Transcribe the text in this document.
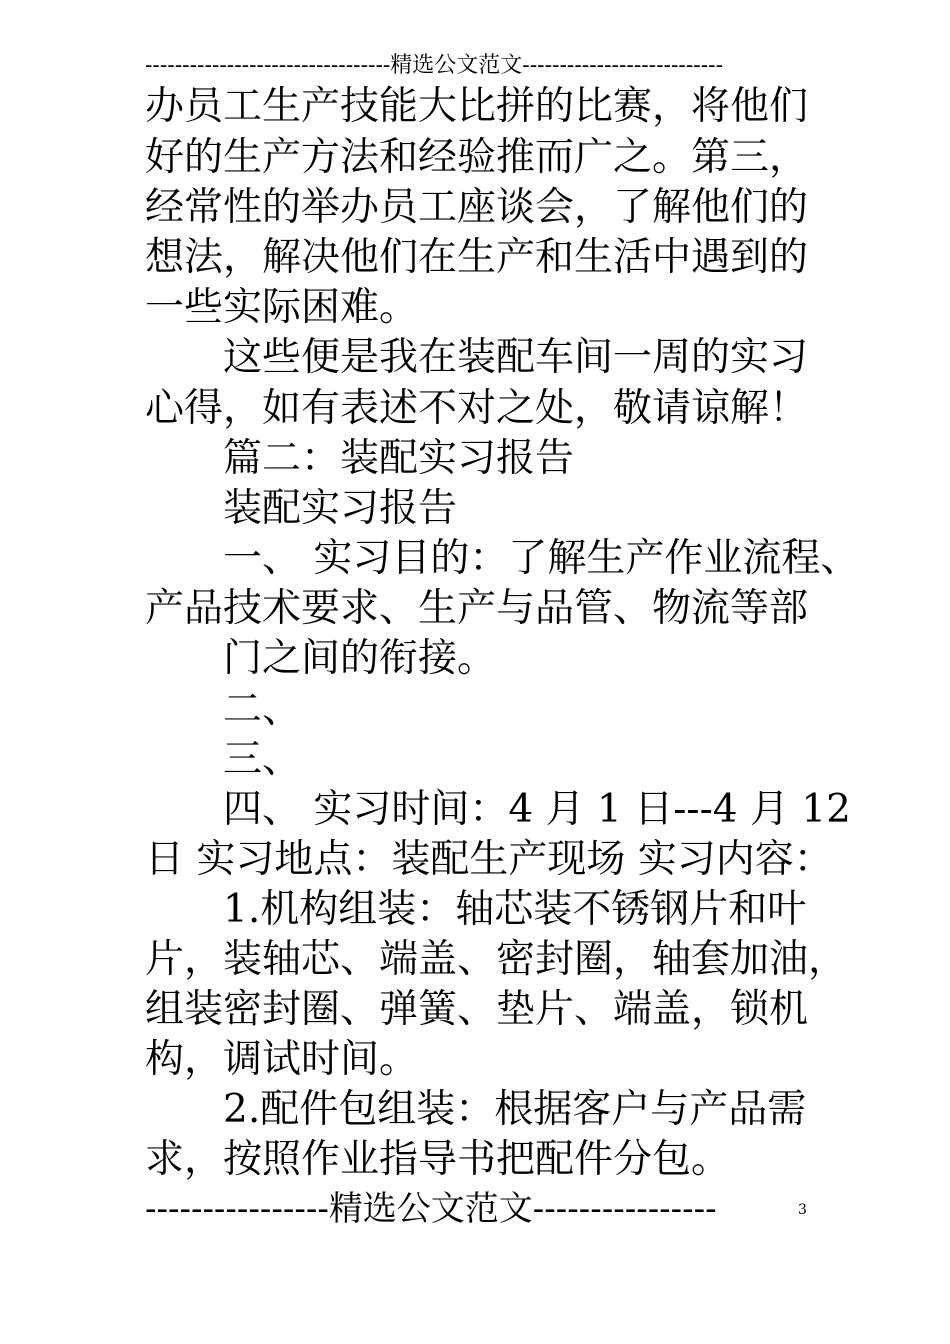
---------------------------------精选公文范文---------------------------
办员工生产技能大比拼的比赛，将他们
好的生产方法和经验推而广之。第三，
经常性的举办员工座谈会，了解他们的
想法，解决他们在生产和生活中遇到的
一些实际困难。
这些便是我在装配车间一周的实习
心得，如有表述不对之处，敬请谅解！
篇二：装配实习报告
装配实习报告
一、 实习目的：了解生产作业流程、
产品技术要求、生产与品管、物流等部
门之间的衔接。
二、
三、
四、 实习时间：4 月 1 日---4 月 12
日 实习地点：装配生产现场 实习内容：
1.机构组装：轴芯装不锈钢片和叶
片，装轴芯、端盖、密封圈，轴套加油，
组装密封圈、弹簧、垫片、端盖，锁机
构，调试时间。
2.配件包组装：根据客户与产品需
求，按照作业指导书把配件分包。
----------------精选公文范文----------------	3
